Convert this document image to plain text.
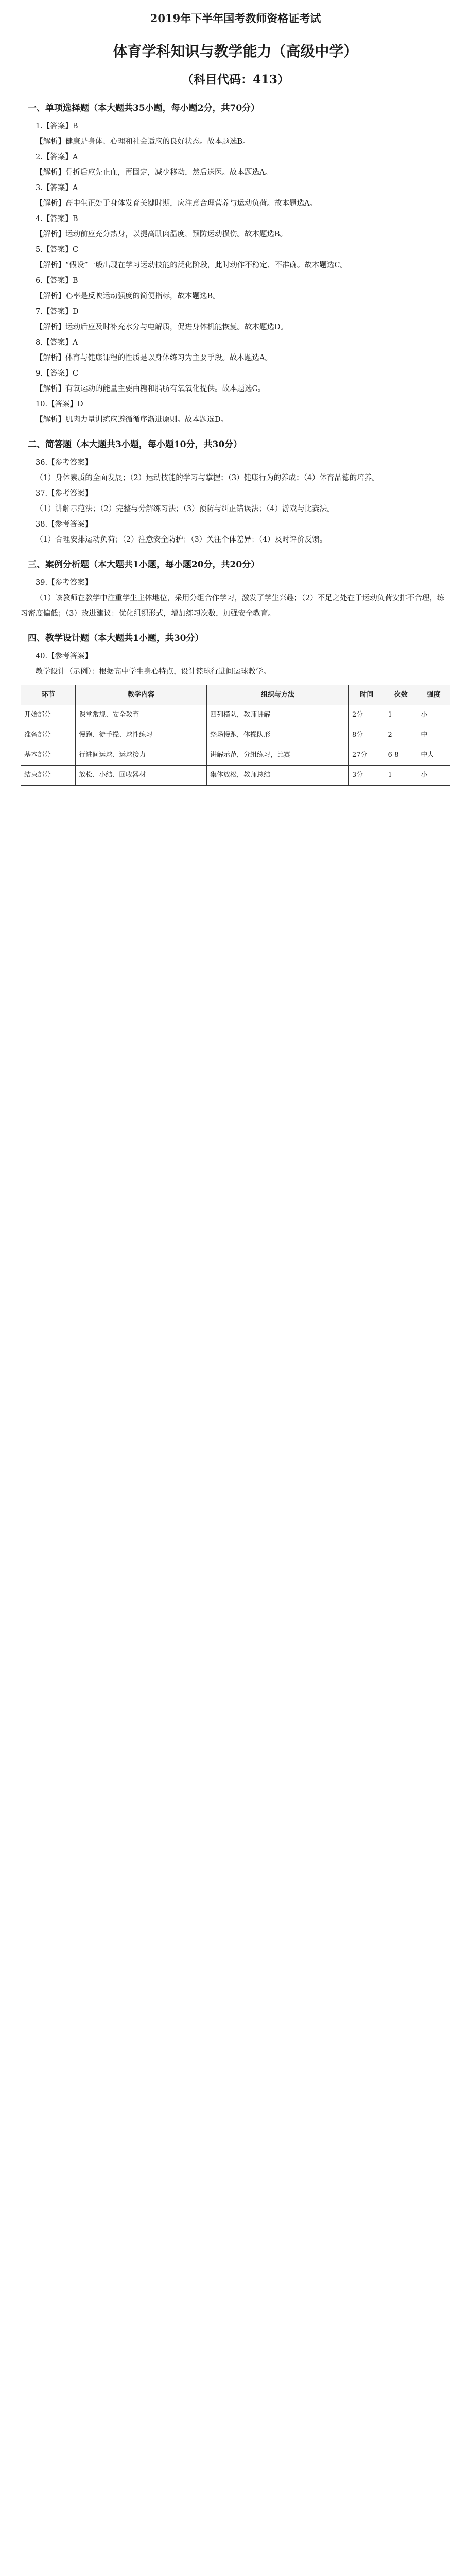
2019年下半年国考教师资格证考试
体育学科知识与教学能力（高级中学）
（科目代码：413）
一、单项选择题（本大题共35小题，每小题2分，共70分）

1.【答案】B

【解析】健康是身体、心理和社会适应的良好状态。故本题选B。

2.【答案】A

【解析】骨折后应先止血，再固定，减少移动，然后送医。故本题选A。

3.【答案】A

【解析】高中生正处于身体发育关键时期，应注意合理营养与运动负荷。故本题选A。

4.【答案】B

【解析】运动前应充分热身，以提高肌肉温度，预防运动损伤。故本题选B。

5.【答案】C

【解析】“假设”一般出现在学习运动技能的泛化阶段，此时动作不稳定、不准确。故本题选C。

6.【答案】B

【解析】心率是反映运动强度的简便指标，故本题选B。

7.【答案】D

【解析】运动后应及时补充水分与电解质，促进身体机能恢复。故本题选D。

8.【答案】A

【解析】体育与健康课程的性质是以身体练习为主要手段。故本题选A。

9.【答案】C

【解析】有氧运动的能量主要由糖和脂肪有氧氧化提供。故本题选C。

10.【答案】D

【解析】肌肉力量训练应遵循循序渐进原则。故本题选D。

二、简答题（本大题共3小题，每小题10分，共30分）

36.【参考答案】

（1）身体素质的全面发展；（2）运动技能的学习与掌握；（3）健康行为的养成；（4）体育品德的培养。

37.【参考答案】

（1）讲解示范法；（2）完整与分解练习法；（3）预防与纠正错误法；（4）游戏与比赛法。

38.【参考答案】

（1）合理安排运动负荷；（2）注意安全防护；（3）关注个体差异；（4）及时评价反馈。

三、案例分析题（本大题共1小题，每小题20分，共20分）

39.【参考答案】

（1）该教师在教学中注重学生主体地位，采用分组合作学习，激发了学生兴趣；（2）不足之处在于运动负荷安排不合理，练习密度偏低；（3）改进建议：优化组织形式，增加练习次数，加强安全教育。

四、教学设计题（本大题共1小题，共30分）

40.【参考答案】

教学设计（示例）：根据高中学生身心特点，设计篮球行进间运球教学。

环节	教学内容	组织与方法	时间	次数	强度
开始部分	课堂常规、安全教育	四列横队，教师讲解	2分	1	小
准备部分	慢跑、徒手操、球性练习	绕场慢跑，体操队形	8分	2	中
基本部分	行进间运球、运球接力	讲解示范，分组练习，比赛	27分	6-8	中大
结束部分	放松、小结、回收器材	集体放松，教师总结	3分	1	小
